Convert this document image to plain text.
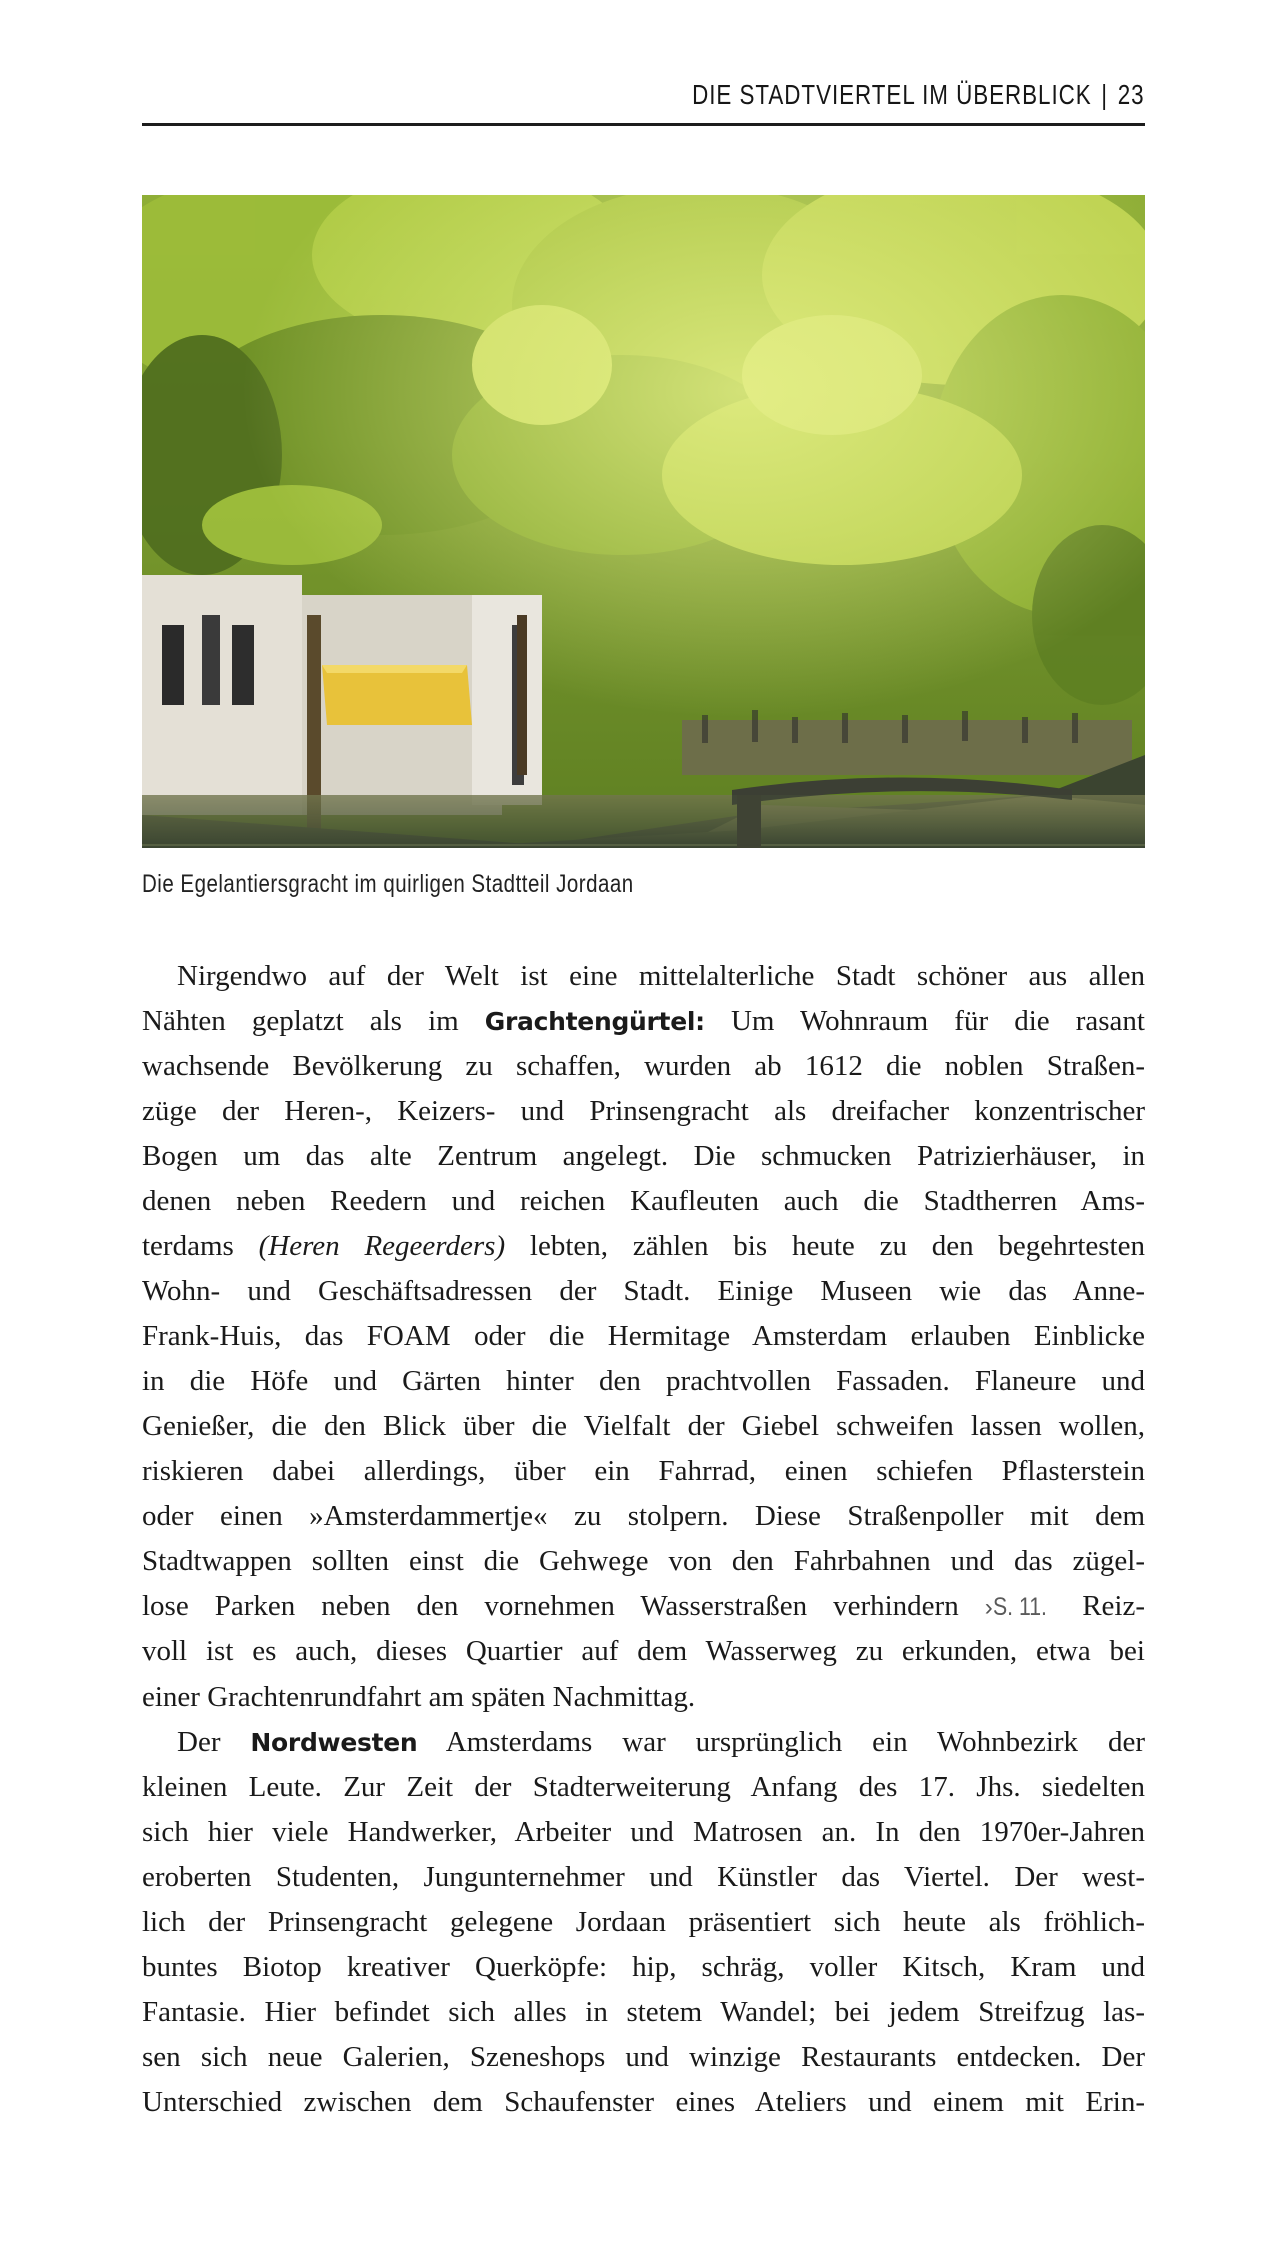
DIE STADTVIERTEL IM ÜBERBLICK | 23
Die Egelantiersgracht im quirligen Stadtteil Jordaan
Nirgendwo auf der Welt ist eine mittelalterliche Stadt schöner aus allen
Nähten geplatzt als im Grachtengürtel: Um Wohnraum für die rasant
wachsende Bevölkerung zu schaffen, wurden ab 1612 die noblen Straßen-
züge der Heren-, Keizers- und Prinsengracht als dreifacher konzentrischer
Bogen um das alte Zentrum angelegt. Die schmucken Patrizierhäuser, in
denen neben Reedern und reichen Kaufleuten auch die Stadtherren Ams-
terdams (Heren Regeerders) lebten, zählen bis heute zu den begehrtesten
Wohn- und Geschäftsadressen der Stadt. Einige Museen wie das Anne-
Frank-Huis, das FOAM oder die Hermitage Amsterdam erlauben Einblicke
in die Höfe und Gärten hinter den prachtvollen Fassaden. Flaneure und
Genießer, die den Blick über die Vielfalt der Giebel schweifen lassen wollen,
riskieren dabei allerdings, über ein Fahrrad, einen schiefen Pflasterstein
oder einen »Amsterdammertje« zu stolpern. Diese Straßenpoller mit dem
Stadtwappen sollten einst die Gehwege von den Fahrbahnen und das zügel-
lose Parken neben den vornehmen Wasserstraßen verhindern ›S. 11. Reiz-
voll ist es auch, dieses Quartier auf dem Wasserweg zu erkunden, etwa bei
einer Grachtenrundfahrt am späten Nachmittag.
Der Nordwesten Amsterdams war ursprünglich ein Wohnbezirk der
kleinen Leute. Zur Zeit der Stadterweiterung Anfang des 17. Jhs. siedelten
sich hier viele Handwerker, Arbeiter und Matrosen an. In den 1970er-Jahren
eroberten Studenten, Jungunternehmer und Künstler das Viertel. Der west-
lich der Prinsengracht gelegene Jordaan präsentiert sich heute als fröhlich-
buntes Biotop kreativer Querköpfe: hip, schräg, voller Kitsch, Kram und
Fantasie. Hier befindet sich alles in stetem Wandel; bei jedem Streifzug las-
sen sich neue Galerien, Szeneshops und winzige Restaurants entdecken. Der
Unterschied zwischen dem Schaufenster eines Ateliers und einem mit Erin-
